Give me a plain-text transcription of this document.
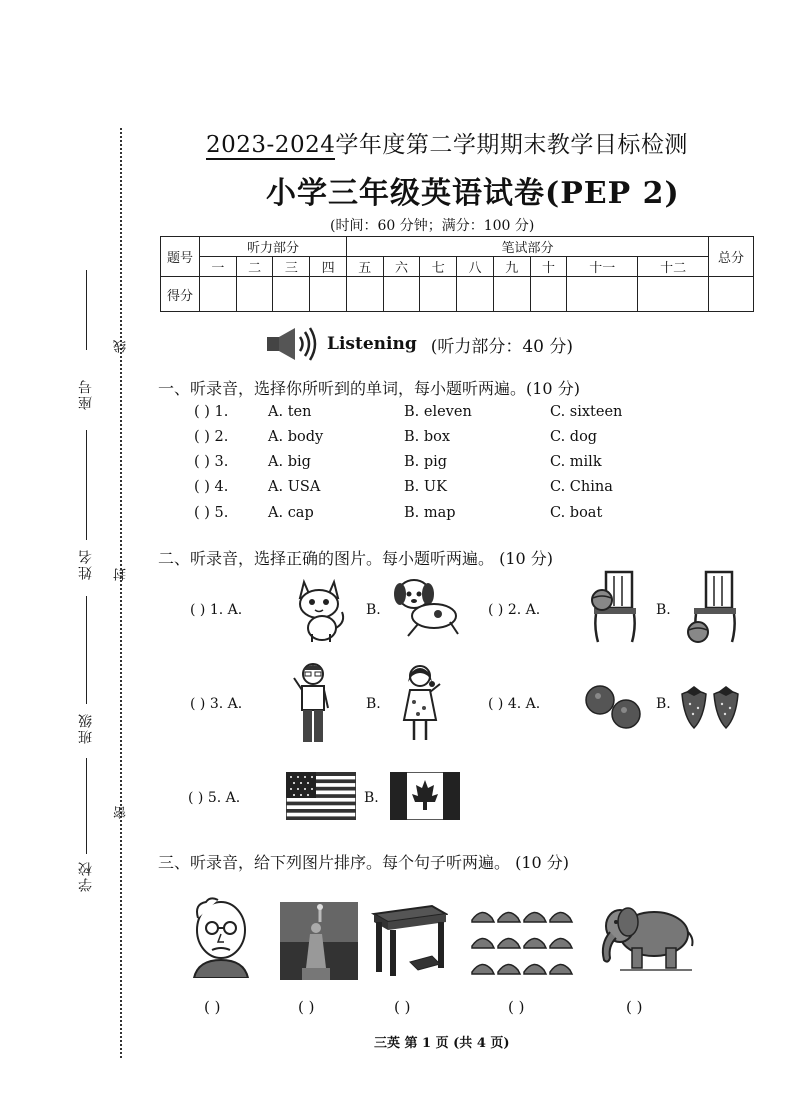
座号
姓名
班级
学校
线
封
密
2023-2024学年度第二学期期末教学目标检测
小学三年级英语试卷(PEP 2)
(时间：60 分钟；满分：100 分)
题号	听力部分				笔试部分								总分
	一	二	三	四	五	六	七	八	九	十	十一	十二	
得分													
Listening (听力部分：40 分)
一、听录音，选择你所听到的单词，每小题听两遍。(10 分)
( ) 1.	A. ten	B. eleven	C. sixteen
( ) 2.	A. body	B. box	C. dog
( ) 3.	A. big	B. pig	C. milk
( ) 4.	A. USA	B. UK	C. China
( ) 5.	A. cap	B. map	C. boat
二、听录音，选择正确的图片。每小题听两遍。 (10 分)
( ) 1. A.	B.	( ) 2. A.	B.
( ) 3. A.	B.	( ) 4. A.	B.
( ) 5. A.	B.
三、听录音，给下列图片排序。每个句子听两遍。 (10 分)
( )	( )	( )	( )	( )
三英 第 1 页 (共 4 页)
